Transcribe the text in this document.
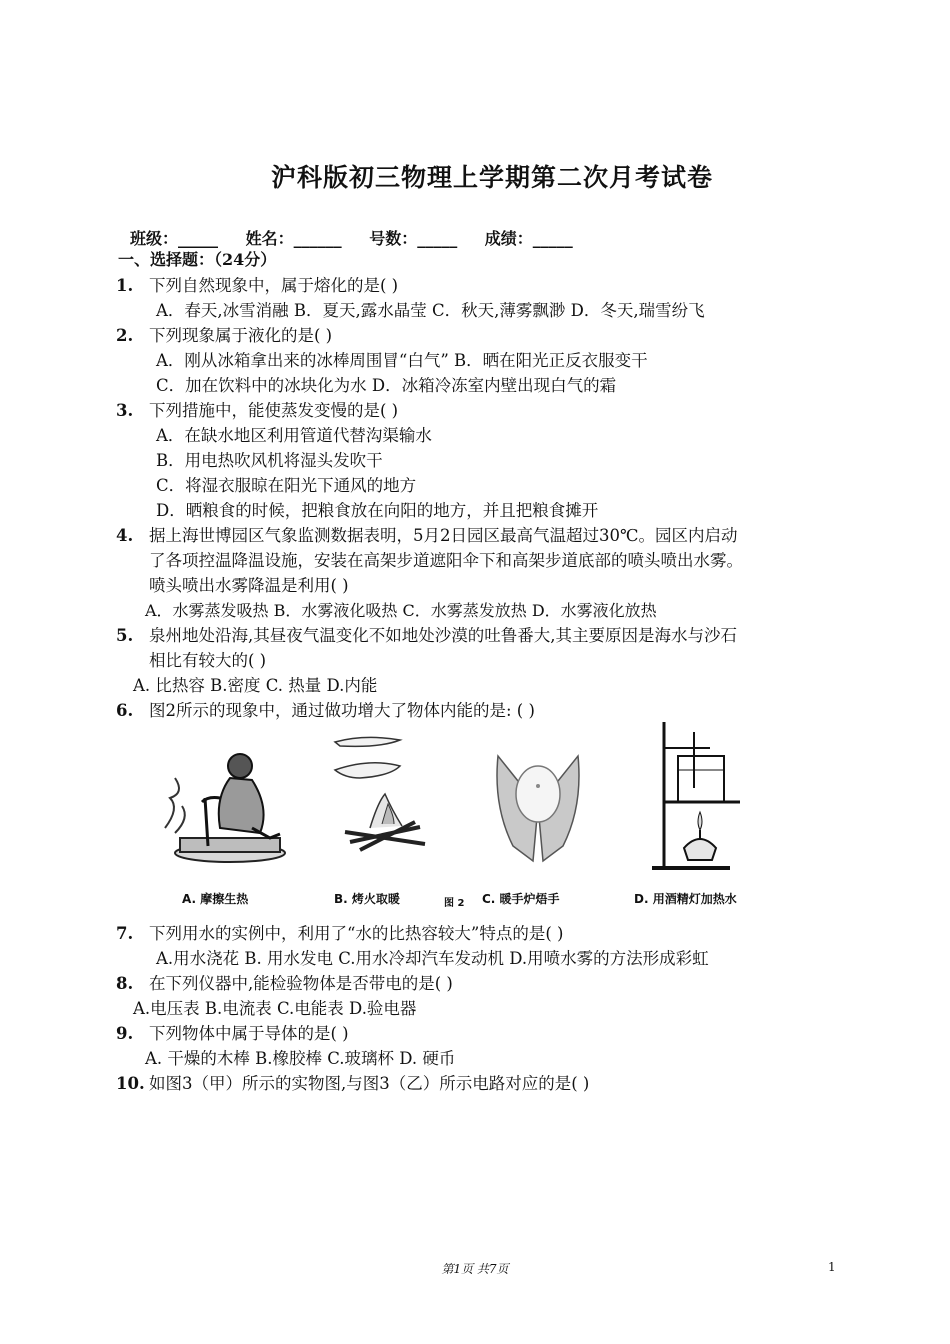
沪科版初三物理上学期第二次月考试卷
班级：_____ 姓名：______ 号数：_____ 成绩：_____
一、选择题：（24分）
1. 下列自然现象中，属于熔化的是( )
A．春天,冰雪消融 B．夏天,露水晶莹 C．秋天,薄雾飘渺 D．冬天,瑞雪纷飞
2. 下列现象属于液化的是( )
A．刚从冰箱拿出来的冰棒周围冒“白气” B．晒在阳光正反衣服变干
C．加在饮料中的冰块化为水 D．冰箱冷冻室内壁出现白气的霜
3. 下列措施中，能使蒸发变慢的是( )
A．在缺水地区利用管道代替沟渠输水
B．用电热吹风机将湿头发吹干
C．将湿衣服晾在阳光下通风的地方
D．晒粮食的时候，把粮食放在向阳的地方，并且把粮食摊开
4. 据上海世博园区气象监测数据表明，5月2日园区最高气温超过30℃。园区内启动
了各项控温降温设施，安装在高架步道遮阳伞下和高架步道底部的喷头喷出水雾。
喷头喷出水雾降温是利用( )
A．水雾蒸发吸热 B．水雾液化吸热 C．水雾蒸发放热 D．水雾液化放热
5. 泉州地处沿海,其昼夜气温变化不如地处沙漠的吐鲁番大,其主要原因是海水与沙石
相比有较大的( )
A. 比热容 B.密度 C. 热量 D.内能
6. 图2所示的现象中，通过做功增大了物体内能的是: ( )
A. 摩擦生热	B. 烤火取暖	图 2 C. 暖手炉焐手	D. 用酒精灯加热水
7. 下列用水的实例中，利用了“水的比热容较大”特点的是( )
A.用水浇花 B. 用水发电 C.用水冷却汽车发动机 D.用喷水雾的方法形成彩虹
8. 在下列仪器中,能检验物体是否带电的是( )
A.电压表 B.电流表 C.电能表 D.验电器
9. 下列物体中属于导体的是( )
A. 干燥的木棒 B.橡胶棒 C.玻璃杯 D. 硬币
10. 如图3（甲）所示的实物图,与图3（乙）所示电路对应的是( )
第1页 共7页	1
